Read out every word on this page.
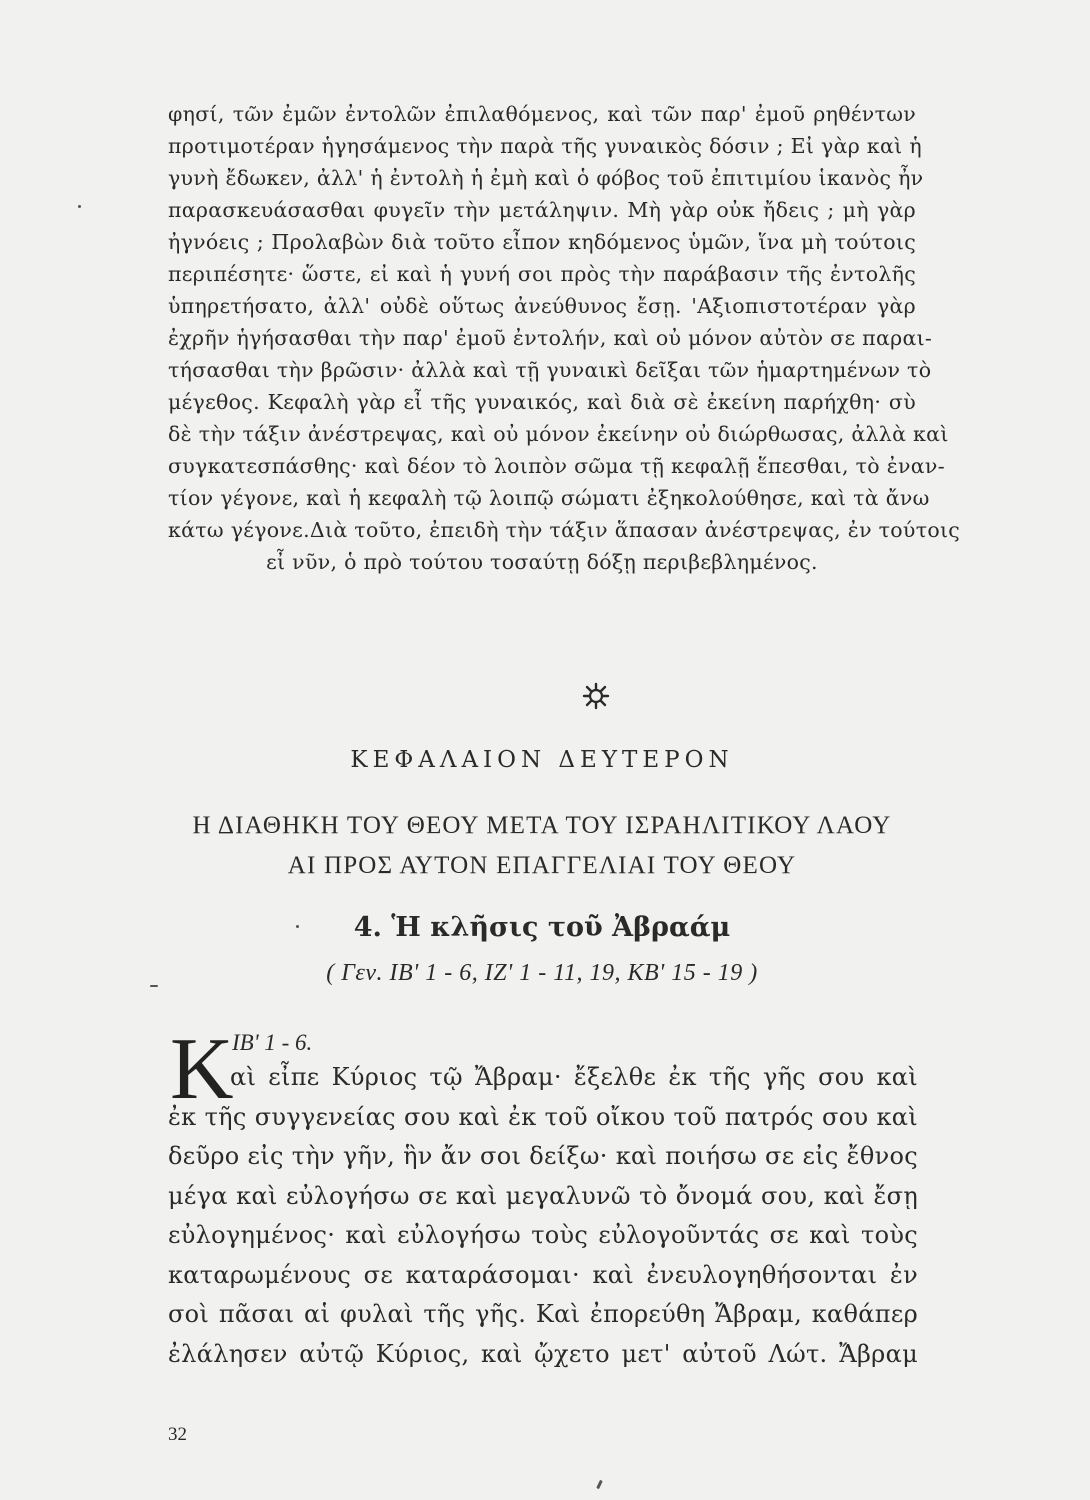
φησί, τῶν ἐμῶν ἐντολῶν ἐπιλαθόμενος, καὶ τῶν παρ' ἐμοῦ ρηθέντων
προτιμοτέραν ἡγησάμενος τὴν παρὰ τῆς γυναικὸς δόσιν ; Εἰ γὰρ καὶ ἡ
γυνὴ ἔδωκεν, ἀλλ' ἡ ἐντολὴ ἡ ἐμὴ καὶ ὁ φόβος τοῦ ἐπιτιμίου ἱκανὸς ἦν
παρασκευάσασθαι φυγεῖν τὴν μετάληψιν. Μὴ γὰρ οὐκ ἤδεις ; μὴ γὰρ
ἠγνόεις ; Προλαβὼν διὰ τοῦτο εἶπον κηδόμενος ὑμῶν, ἵνα μὴ τούτοις
περιπέσητε· ὥστε, εἰ καὶ ἡ γυνή σοι πρὸς τὴν παράβασιν τῆς ἐντολῆς
ὑπηρετήσατο, ἀλλ' οὐδὲ οὕτως ἀνεύθυνος ἔσῃ. 'Αξιοπιστοτέραν γὰρ
ἐχρῆν ἡγήσασθαι τὴν παρ' ἐμοῦ ἐντολήν, καὶ οὐ μόνον αὐτὸν σε παραι-
τήσασθαι τὴν βρῶσιν· ἀλλὰ καὶ τῇ γυναικὶ δεῖξαι τῶν ἡμαρτημένων τὸ
μέγεθος. Κεφαλὴ γὰρ εἶ τῆς γυναικός, καὶ διὰ σὲ ἐκείνη παρήχθη· σὺ
δὲ τὴν τάξιν ἀνέστρεψας, καὶ οὐ μόνον ἐκείνην οὐ διώρθωσας, ἀλλὰ καὶ
συγκατεσπάσθης· καὶ δέον τὸ λοιπὸν σῶμα τῇ κεφαλῇ ἕπεσθαι, τὸ ἐναν-
τίον γέγονε, καὶ ἡ κεφαλὴ τῷ λοιπῷ σώματι ἐξηκολούθησε, καὶ τὰ ἄνω
κάτω γέγονε.Διὰ τοῦτο, ἐπειδὴ τὴν τάξιν ἅπασαν ἀνέστρεψας, ἐν τούτοις
εἶ νῦν, ὁ πρὸ τούτου τοσαύτῃ δόξῃ περιβεβλημένος.
ΚΕΦΑΛΑΙΟΝ ΔΕΥΤΕΡΟΝ
Η ΔΙΑΘΗΚΗ ΤΟΥ ΘΕΟΥ ΜΕΤΑ ΤΟΥ ΙΣΡΑΗΛΙΤΙΚΟΥ ΛΑΟΥ
ΑΙ ΠΡΟΣ ΑΥΤΟΝ ΕΠΑΓΓΕΛΙΑΙ ΤΟΥ ΘΕΟΥ
4. Ἡ κλῆσις τοῦ Ἀβραάμ
( Γεν. ΙΒ' 1 - 6, ΙΖ' 1 - 11, 19, ΚΒ' 15 - 19 )
Κ
ΙΒ' 1 - 6.
αὶ εἶπε Κύριος τῷ Ἄβραμ· ἔξελθε ἐκ τῆς γῆς σου καὶ
ἐκ τῆς συγγενείας σου καὶ ἐκ τοῦ οἴκου τοῦ πατρός σου καὶ
δεῦρο εἰς τὴν γῆν, ἣν ἄν σοι δείξω· καὶ ποιήσω σε εἰς ἔθνος
μέγα καὶ εὐλογήσω σε καὶ μεγαλυνῶ τὸ ὄνομά σου, καὶ ἔσῃ
εὐλογημένος· καὶ εὐλογήσω τοὺς εὐλογοῦντάς σε καὶ τοὺς
καταρωμένους σε καταράσομαι· καὶ ἐνευλογηθήσονται ἐν
σοὶ πᾶσαι αἱ φυλαὶ τῆς γῆς. Καὶ ἐπορεύθη Ἄβραμ, καθάπερ
ἐλάλησεν αὐτῷ Κύριος, καὶ ᾤχετο μετ' αὐτοῦ Λώτ. Ἄβραμ
32
